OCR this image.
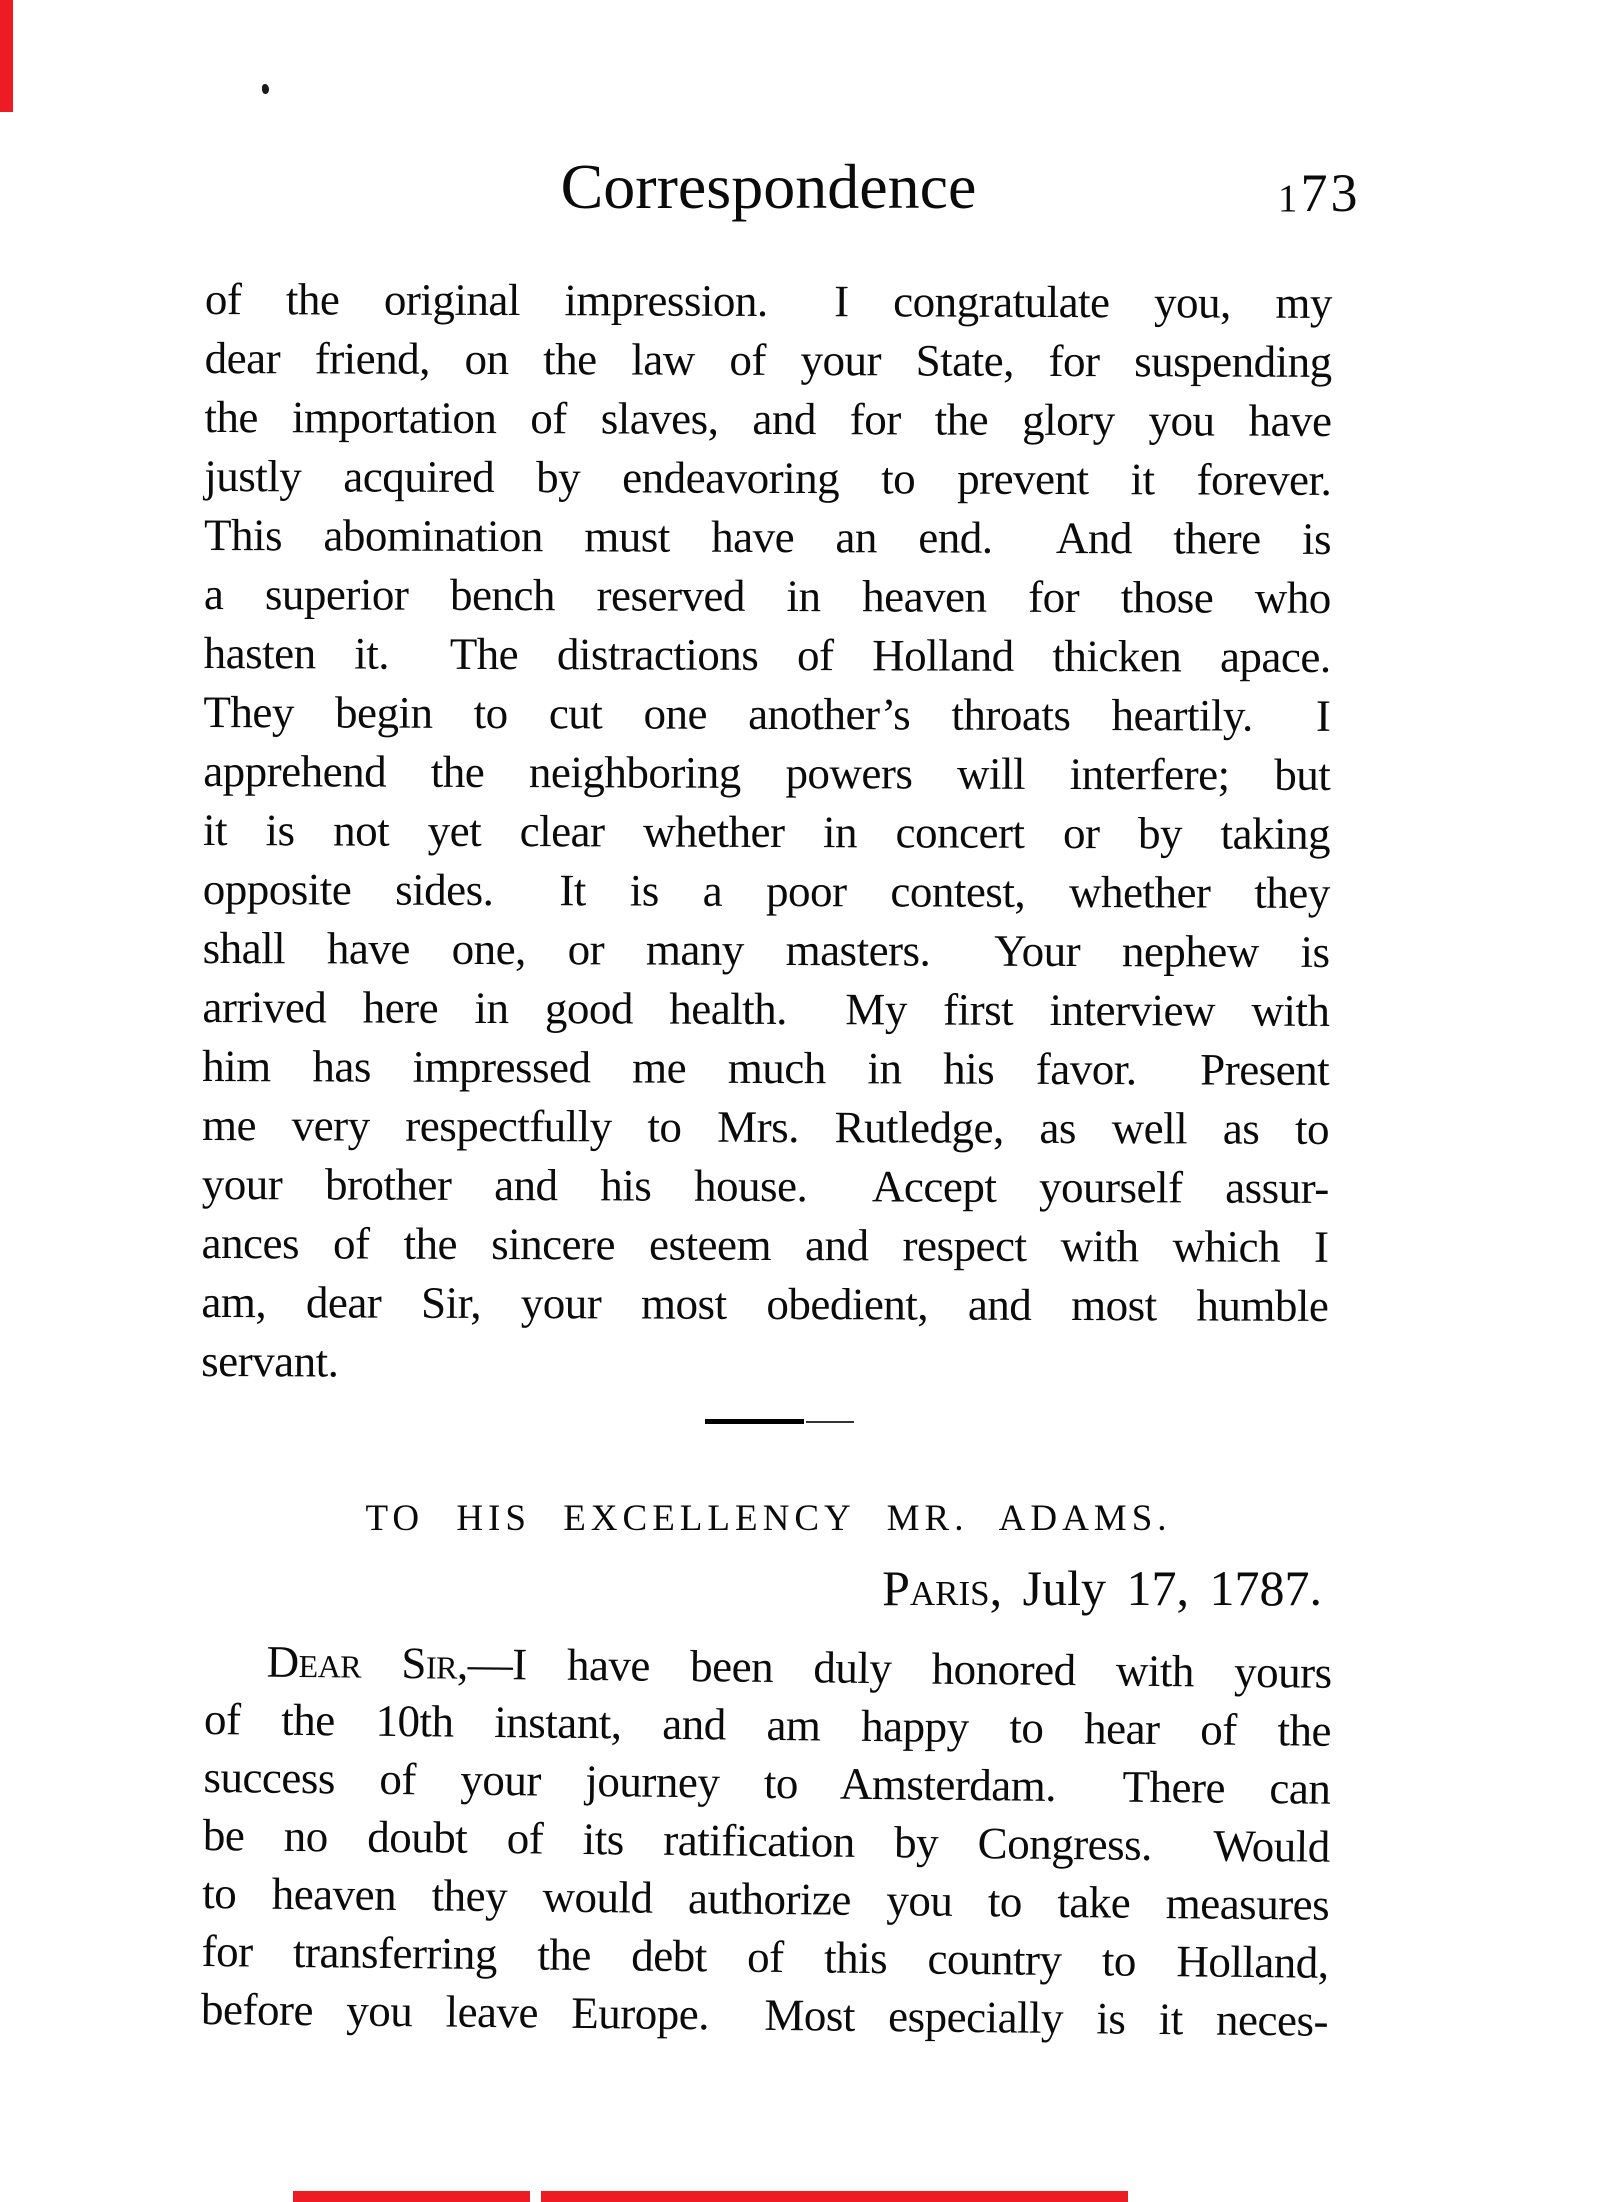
Correspondence	173
of the original impression.  I congratulate you, my
dear friend, on the law of your State, for suspending
the importation of slaves, and for the glory you have
justly acquired by endeavoring to prevent it forever.
This abomination must have an end.  And there is
a superior bench reserved in heaven for those who
hasten it.  The distractions of Holland thicken apace.
They begin to cut one another’s throats heartily.  I
apprehend the neighboring powers will interfere; but
it is not yet clear whether in concert or by taking
opposite sides.  It is a poor contest, whether they
shall have one, or many masters.  Your nephew is
arrived here in good health.  My first interview with
him has impressed me much in his favor.  Present
me very respectfully to Mrs. Rutledge, as well as to
your brother and his house.  Accept yourself assur-
ances of the sincere esteem and respect with which I
am, dear Sir, your most obedient, and most humble
servant.
TO HIS EXCELLENCY MR. ADAMS.
Paris, July 17, 1787.
Dear Sir,—I have been duly honored with yours
of the 10th instant, and am happy to hear of the
success of your journey to Amsterdam.  There can
be no doubt of its ratification by Congress.  Would
to heaven they would authorize you to take measures
for transferring the debt of this country to Holland,
before you leave Europe.  Most especially is it neces-
